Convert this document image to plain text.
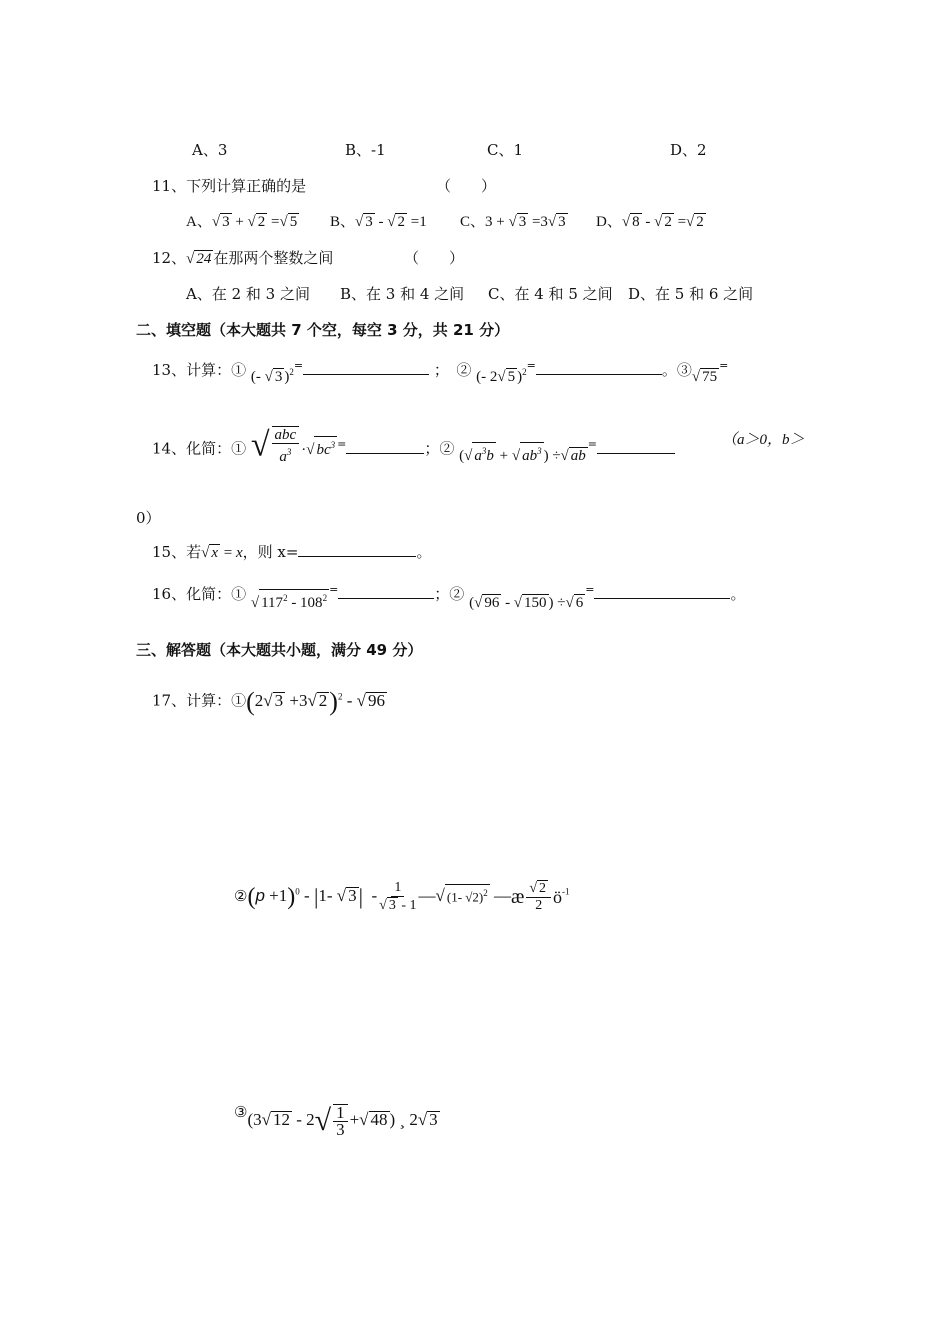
A、3	B、-1	C、1	D、2
11、下列计算正确的是	（　　）
A、√ 3 + √ 2 =√ 5 B、√ 3 - √ 2 =1 C、3 + √ 3 =3√ 3 D、√ 8 - √ 2 =√ 2
12、√ 24 在那两个整数之间	（　　）
A、在 2 和 3 之间 B、在 3 和 4 之间 C、在 4 和 5 之间 D、在 5 和 6 之间
二、填空题（本大题共 7 个空，每空 3 分，共 21 分）
13、计算：① (- √ 3 )$^{2=}$	；　② (- 2√ 5 )$^{2=}$	。③√ 75=
14、化简：① √ $\frac{\text{abc}}{a^3}$ ·√ $bc^3$ =	；② (√ $a^3b$ + √ $ab^3$ ) ÷√ ab=	（a＞0，b＞
0）
15、若√ x = x，则 x=	。
16、化简：① √ $117^2 - 108^{2=}$	；② (√ 96 - √ 150 ) ÷√ 6=	。
三、解答题（本大题共小题，满分 49 分）
17、计算：①(2√ 3 +3√ 2)$^2$ - √ 96
②(p +1)$^0$ - |1- √ $3| - \frac{1}{√ 3 - 1}$ —√ (1- √2)$^2$ —æ $\frac{√ 2}{2}$ $ö^{-1}$
③(3√ $12 - 2√ \frac{1}{3}$ +√ 48 ) ¸ 2√ 3
